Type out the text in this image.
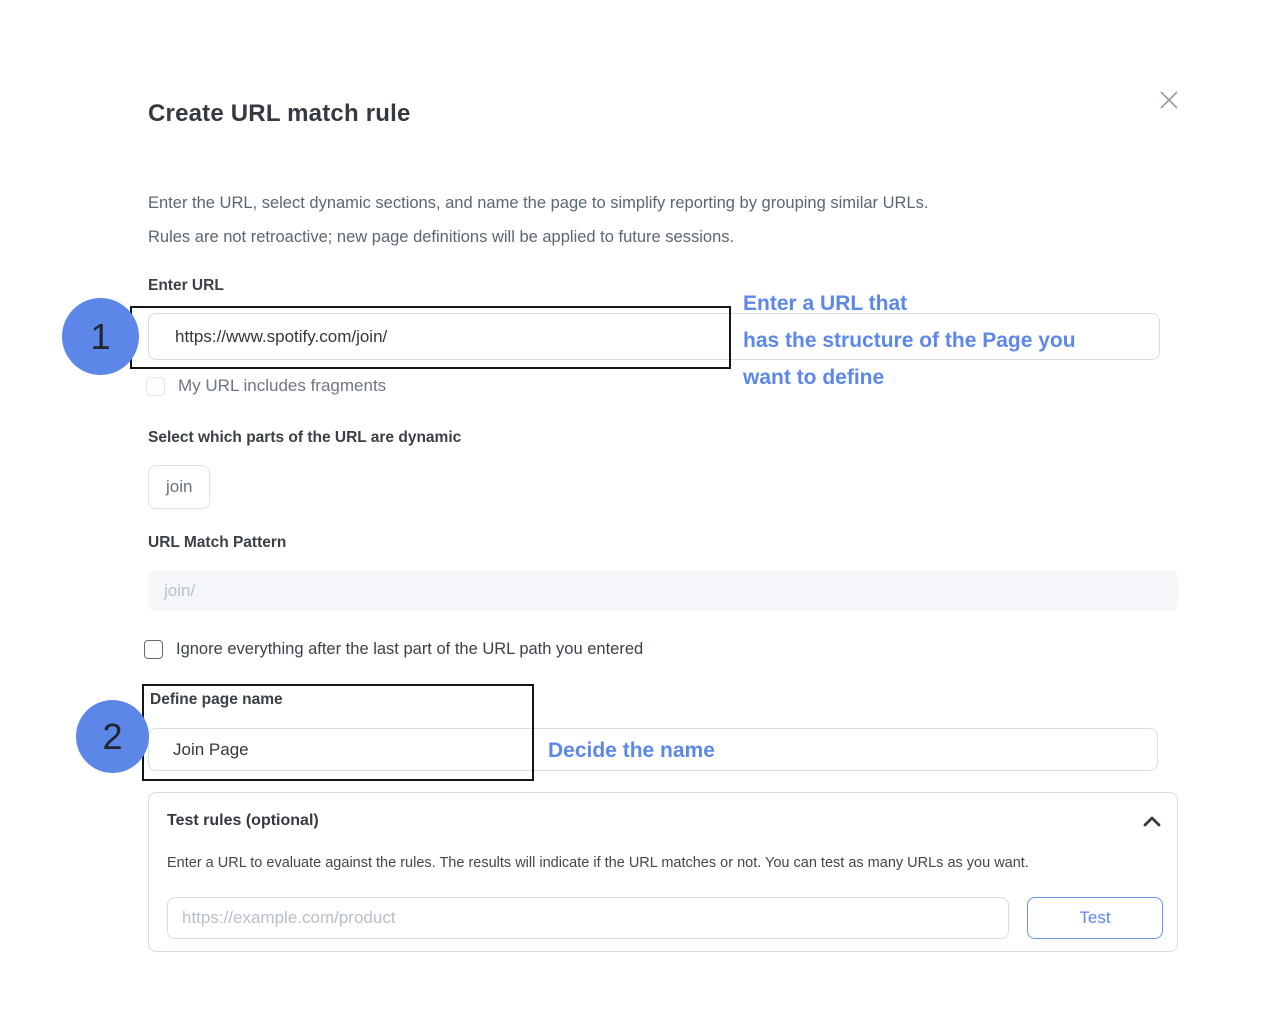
Create URL match rule

Enter the URL, select dynamic sections, and name the page to simplify reporting by grouping similar URLs.
Rules are not retroactive; new page definitions will be applied to future sessions.

Enter URL
https://www.spotify.com/join/
My URL includes fragments
Select which parts of the URL are dynamic
join
URL Match Pattern
join/
Ignore everything after the last part of the URL path you entered
Define page name
Join Page
Test rules (optional)
Enter a URL to evaluate against the rules. The results will indicate if the URL matches or not. You can test as many URLs as you want.
https://example.com/product
Test
1
2
Enter a URL that
has the structure of the Page you
want to define
Decide the name
